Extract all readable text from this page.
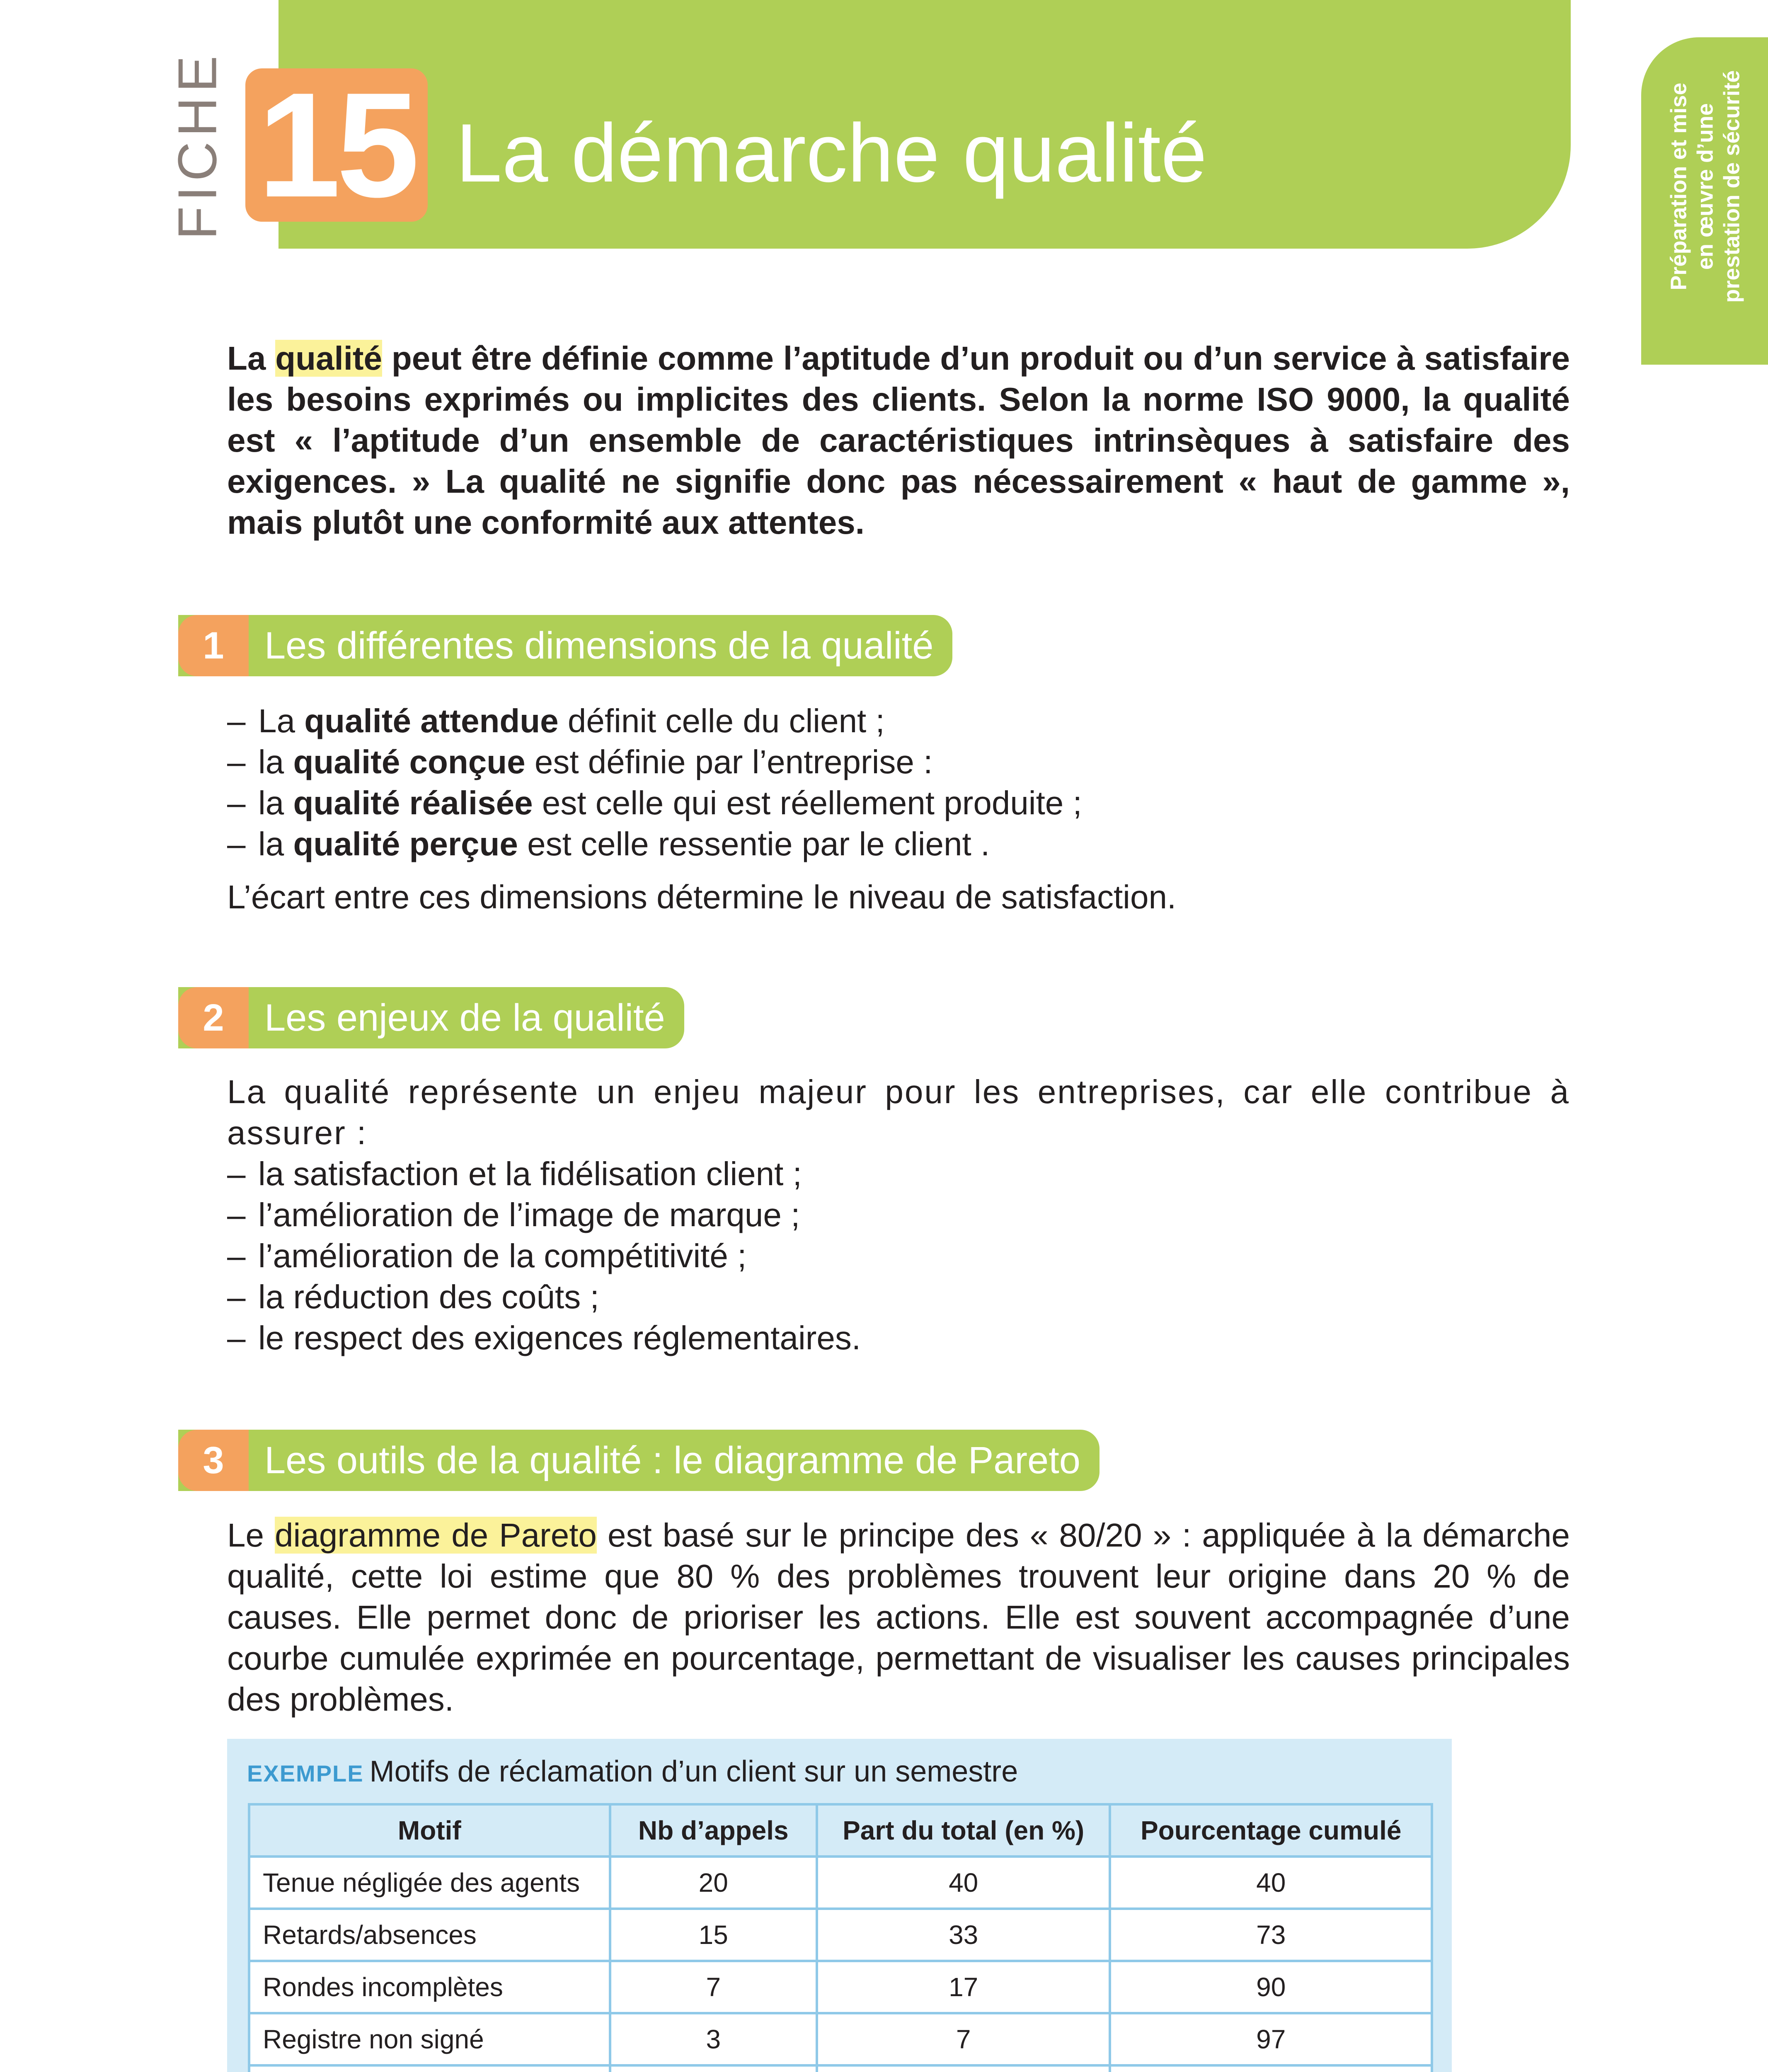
FICHE 15 La démarche qualité	Préparation et mise
en œuvre d’une
prestation de sécurité

La qualité peut être définie comme l’aptitude d’un produit ou d’un service à satisfaire les besoins exprimés ou implicites des clients. Selon la norme ISO 9000, la qualité est « l’aptitude d’un ensemble de caractéristiques intrinsèques à satisfaire des exigences. » La qualité ne signifie donc pas nécessairement « haut de gamme », mais plutôt une conformité aux attentes.

1	Les différentes dimensions de la qualité
– La qualité attendue définit celle du client ;
– la qualité conçue est définie par l’entreprise :
– la qualité réalisée est celle qui est réellement produite ;
– la qualité perçue est celle ressentie par le client .

L’écart entre ces dimensions détermine le niveau de satisfaction.

2	Les enjeux de la qualité

La qualité représente un enjeu majeur pour les entreprises, car elle contribue à assurer :

– la satisfaction et la fidélisation client ;
– l’amélioration de l’image de marque ;
– l’amélioration de la compétitivité ;
– la réduction des coûts ;
– le respect des exigences réglementaires.
3	Les outils de la qualité : le diagramme de Pareto

Le diagramme de Pareto est basé sur le principe des « 80/20 » : appliquée à la démarche qualité, cette loi estime que 80 % des problèmes trouvent leur origine dans 20 % de causes. Elle permet donc de prioriser les actions. Elle est souvent accompagnée d’une courbe cumulée exprimée en pourcentage, permettant de visualiser les causes principales des problèmes.

EXEMPLE Motifs de réclamation d’un client sur un semestre
Motif	Nb d’appels	Part du total (en %)	Pourcentage cumulé
Tenue négligée des agents	20	40	40
Retards/absences	15	33	73
Rondes incomplètes	7	17	90
Registre non signé	3	7	97
